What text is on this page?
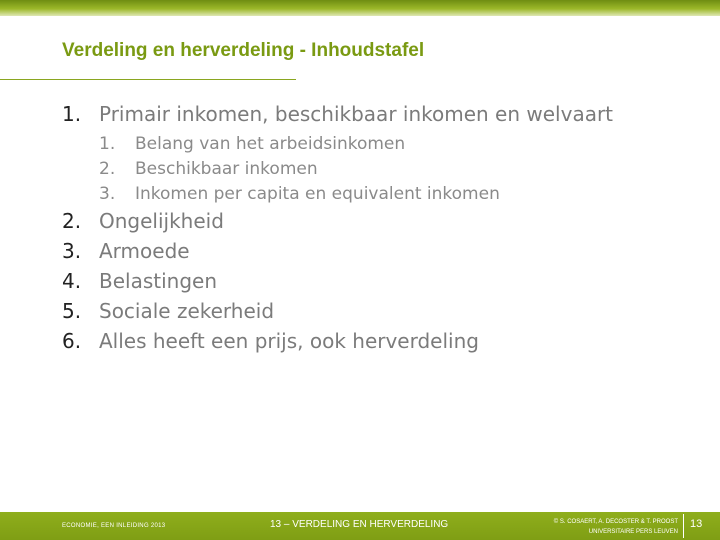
Verdeling en herverdeling - Inhoudstafel
1. Primair inkomen, beschikbaar inkomen en welvaart
1. Belang van het arbeidsinkomen
2. Beschikbaar inkomen
3. Inkomen per capita en equivalent inkomen
2. Ongelijkheid
3. Armoede
4. Belastingen
5. Sociale zekerheid
6. Alles heeft een prijs, ook herverdeling
ECONOMIE, EEN INLEIDING 2013	13 – VERDELING EN HERVERDELING	© S. COSAERT, A. DECOSTER & T. PROOST
UNIVERSITAIRE PERS LEUVEN
13
